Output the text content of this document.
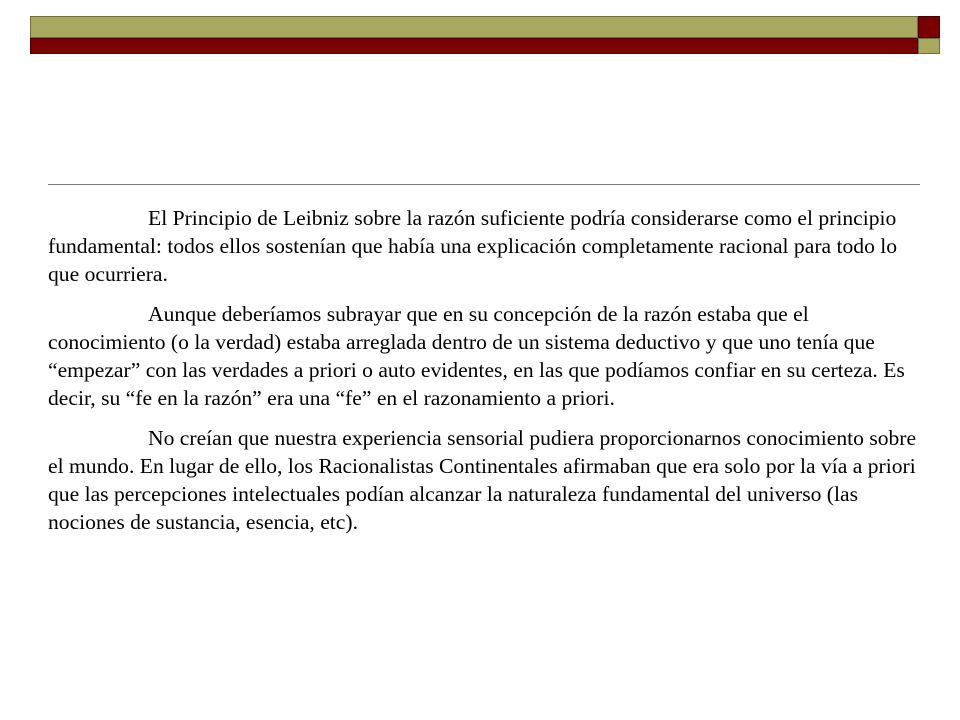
El Principio de Leibniz sobre la razón suficiente podría considerarse como el principio fundamental: todos ellos sostenían que había una explicación completamente racional para todo lo que ocurriera.

Aunque deberíamos subrayar que en su concepción de la razón estaba que el conocimiento (o la verdad) estaba arreglada dentro de un sistema deductivo y que uno tenía que “empezar” con las verdades a priori o auto evidentes, en las que podíamos confiar en su certeza. Es decir, su “fe en la razón” era una “fe” en el razonamiento a priori.

No creían que nuestra experiencia sensorial pudiera proporcionarnos conocimiento sobre el mundo. En lugar de ello, los Racionalistas Continentales afirmaban que era solo por la vía a priori que las percepciones intelectuales podían alcanzar la naturaleza fundamental del universo (las nociones de sustancia, esencia, etc).
